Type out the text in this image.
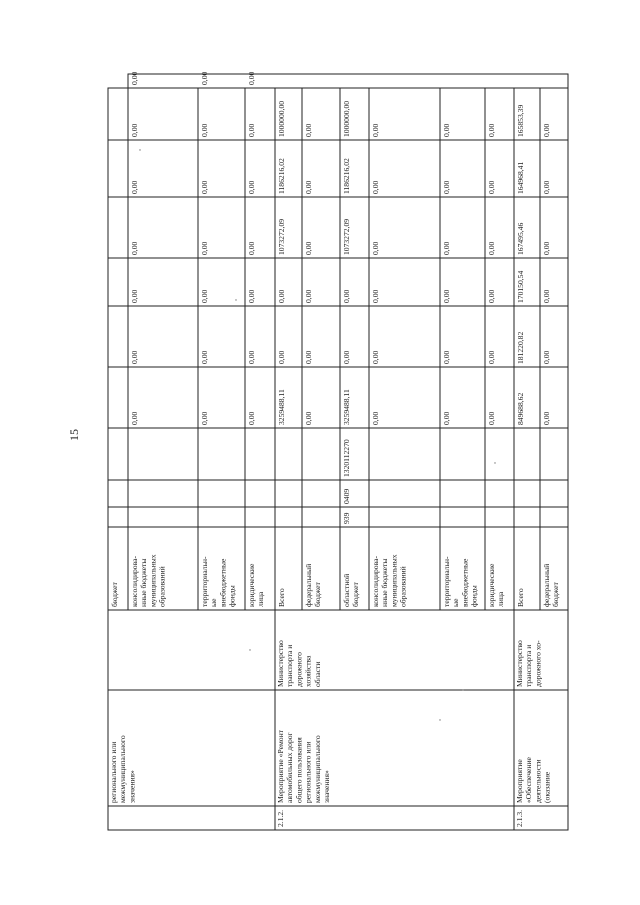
15
регионального или межмуниципального значения»
2.1.2.
Мероприятие «Ремонт автомобильных дорог общего пользования регионального или межмуниципального значения»
Министерство транспорта и дорожного хозяйства области
2.1.3.
Мероприятие «Обеспечение деятельности (оказание
Министерство транспорта и дорожного хо-
бюджет консолидирова- нные бюджеты муниципальных образований
0,00
0,00
0,00
0,00
0,00
0,00
0,00
территориальн- ые внебюджетные фонды
0,00
0,00
0,00
0,00
0,00
0,00
0,00
юридические лица
0,00
0,00
0,00
0,00
0,00
0,00
0,00
Всего
3259488,11
0,00
0,00
1073272,09
1186216,02
1000000,00
федеральный бюджет
0,00
0,00
0,00
0,00
0,00
0,00
областной бюджет
939
0409
1320112270
3259488,11
0,00
0,00
1073272,09
1186216,02
1000000,00
консолидирова- нные бюджеты муниципальных образований
0,00
0,00
0,00
0,00
0,00
0,00
территориальн- ые внебюджетные фонды
0,00
0,00
0,00
0,00
0,00
0,00
юридические лица
0,00
0,00
0,00
0,00
0,00
0,00
Всего
849688,62
181220,82
170150,54
167495,46
164968,41
165853,39
федеральный бюджет
0,00
0,00
0,00
0,00
0,00
0,00
